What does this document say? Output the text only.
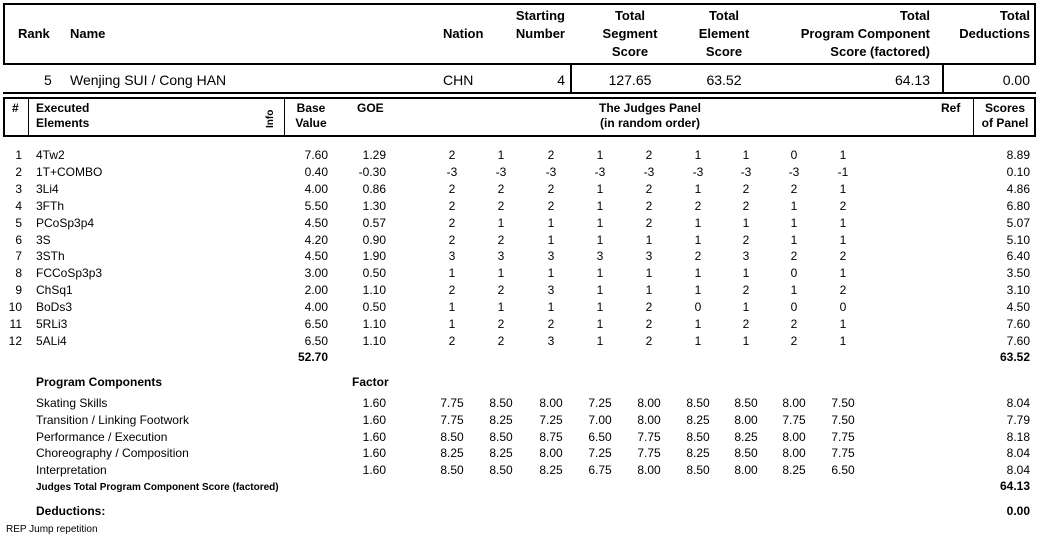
Rank Name	Nation
Starting
Number
Total
Segment
Score
Total
Element
Score
Total
Program Component
Score (factored)
Total
Deductions
5 Wenjing SUI / Cong HAN	CHN	4	127.65	63.52	64.13	0.00
# Executed
Elements	Info
Base
Value
GOE	The Judges Panel
(in random order)
Ref	Scores
of Panel
1 4Tw2	7.60	1.29	2	1	2	1	2	1	1	0	1	8.89
2 1T+COMBO	0.40	-0.30	-3	-3	-3	-3	-3	-3	-3	-3	-1	0.10
3 3Li4	4.00	0.86	2	2	2	1	2	1	2	2	1	4.86
4 3FTh	5.50	1.30	2	2	2	1	2	2	2	1	2	6.80
5 PCoSp3p4	4.50	0.57	2	1	1	1	2	1	1	1	1	5.07
6 3S	4.20	0.90	2	2	1	1	1	1	2	1	1	5.10
7 3STh	4.50	1.90	3	3	3	3	3	2	3	2	2	6.40
8 FCCoSp3p3	3.00	0.50	1	1	1	1	1	1	1	0	1	3.50
9 ChSq1	2.00	1.10	2	2	3	1	1	1	2	1	2	3.10
10 BoDs3	4.00	0.50	1	1	1	1	2	0	1	0	0	4.50
11 5RLi3	6.50	1.10	1	2	2	1	2	1	2	2	1	7.60
12 5ALi4	6.50	1.10	2	2	3	1	2	1	1	2	1	7.60
52.70	63.52
Program Components	Factor
Skating Skills	1.60	7.75	8.50	8.00	7.25	8.00	8.50	8.50	8.00	7.50	8.04
Transition / Linking Footwork	1.60	7.75	8.25	7.25	7.00	8.00	8.25	8.00	7.75	7.50	7.79
Performance / Execution	1.60	8.50	8.50	8.75	6.50	7.75	8.50	8.25	8.00	7.75	8.18
Choreography / Composition	1.60	8.25	8.25	8.00	7.25	7.75	8.25	8.50	8.00	7.75	8.04
Interpretation	1.60	8.50	8.50	8.25	6.75	8.00	8.50	8.00	8.25	6.50	8.04
Judges Total Program Component Score (factored)	64.13
Deductions:	0.00
REP Jump repetition
